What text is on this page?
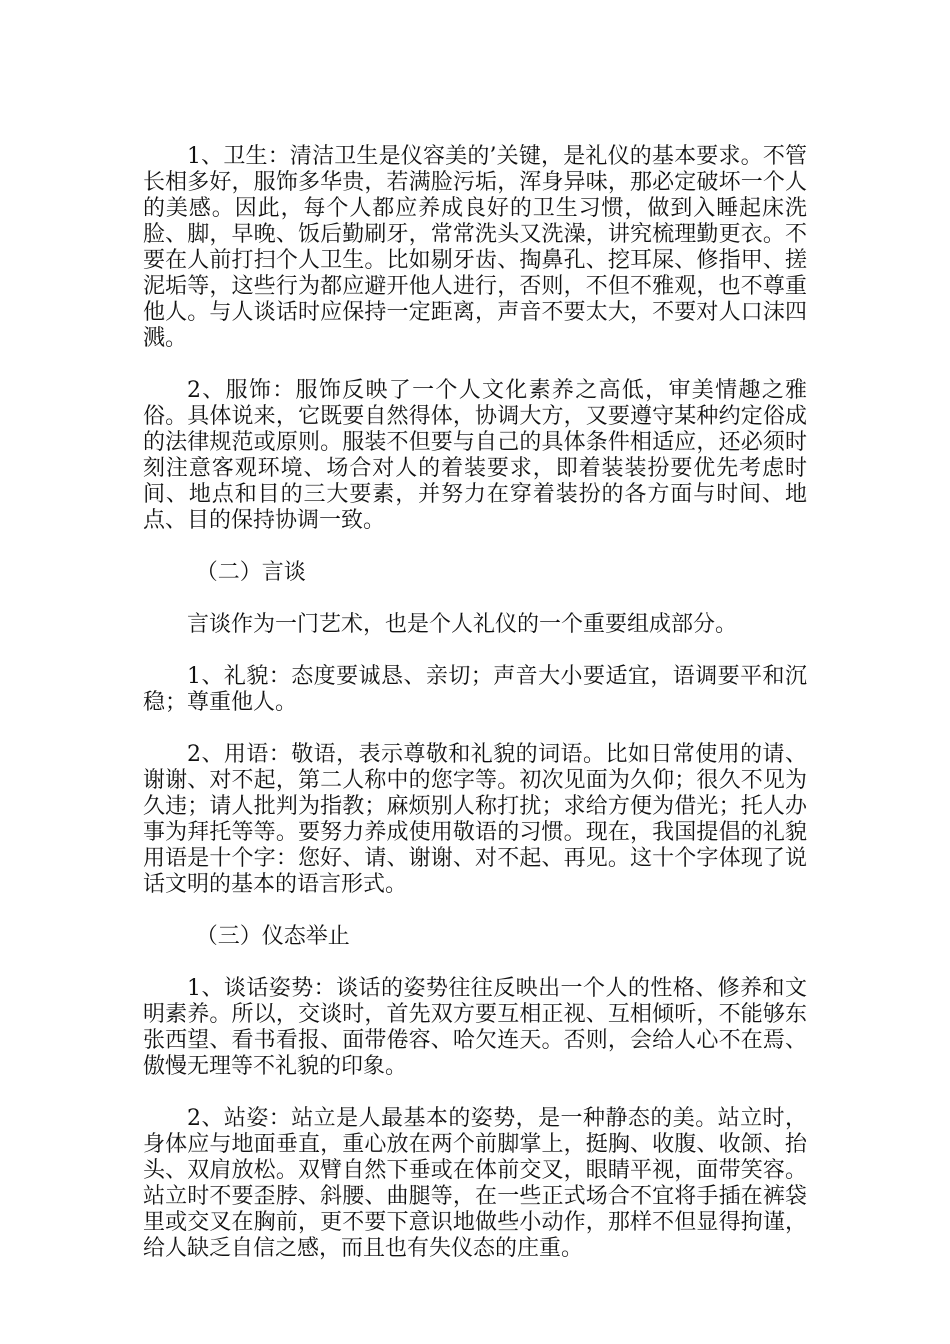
1、卫生：清洁卫生是仪容美的’关键，是礼仪的基本要求。不管长相多好，服饰多华贵，若满脸污垢，浑身异味，那必定破坏一个人的美感。因此，每个人都应养成良好的卫生习惯，做到入睡起床洗脸、脚，早晚、饭后勤刷牙，常常洗头又洗澡，讲究梳理勤更衣。不要在人前打扫个人卫生。比如剔牙齿、掏鼻孔、挖耳屎、修指甲、搓泥垢等，这些行为都应避开他人进行，否则，不但不雅观，也不尊重他人。与人谈话时应保持一定距离，声音不要太大，不要对人口沫四溅。

2、服饰：服饰反映了一个人文化素养之高低，审美情趣之雅俗。具体说来，它既要自然得体，协调大方，又要遵守某种约定俗成的法律规范或原则。服装不但要与自己的具体条件相适应，还必须时刻注意客观环境、场合对人的着装要求，即着装装扮要优先考虑时间、地点和目的三大要素，并努力在穿着装扮的各方面与时间、地点、目的保持协调一致。

（二）言谈

言谈作为一门艺术，也是个人礼仪的一个重要组成部分。

1、礼貌：态度要诚恳、亲切；声音大小要适宜，语调要平和沉稳；尊重他人。

2、用语：敬语，表示尊敬和礼貌的词语。比如日常使用的请、谢谢、对不起，第二人称中的您字等。初次见面为久仰；很久不见为久违；请人批判为指教；麻烦别人称打扰；求给方便为借光；托人办事为拜托等等。要努力养成使用敬语的习惯。现在，我国提倡的礼貌用语是十个字：您好、请、谢谢、对不起、再见。这十个字体现了说话文明的基本的语言形式。

（三）仪态举止

1、谈话姿势：谈话的姿势往往反映出一个人的性格、修养和文明素养。所以，交谈时，首先双方要互相正视、互相倾听，不能够东张西望、看书看报、面带倦容、哈欠连天。否则，会给人心不在焉、傲慢无理等不礼貌的印象。

2、站姿：站立是人最基本的姿势，是一种静态的美。站立时，身体应与地面垂直，重心放在两个前脚掌上，挺胸、收腹、收颌、抬头、双肩放松。双臂自然下垂或在体前交叉，眼睛平视，面带笑容。站立时不要歪脖、斜腰、曲腿等，在一些正式场合不宜将手插在裤袋里或交叉在胸前，更不要下意识地做些小动作，那样不但显得拘谨，给人缺乏自信之感，而且也有失仪态的庄重。
